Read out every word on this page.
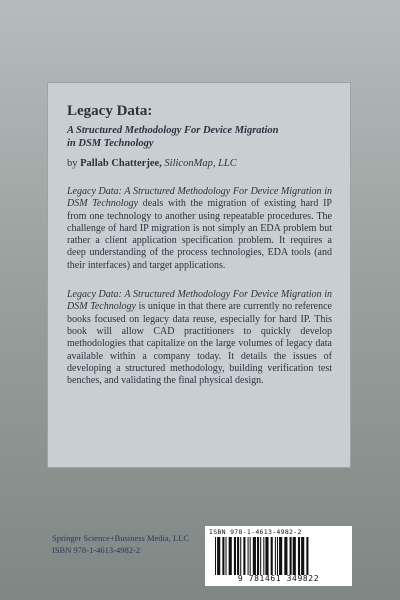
Legacy Data:
A Structured Methodology For Device Migration
in DSM Technology
by Pallab Chatterjee, SiliconMap, LLC
Legacy Data: A Structured Methodology For Device Migration in DSM Technology deals with the migration of existing hard IP from one technology to another using repeatable procedures. The challenge of hard IP migration is not simply an EDA problem but rather a client application specification problem. It requires a deep understanding of the process technologies, EDA tools (and their interfaces) and target applications.
Legacy Data: A Structured Methodology For Device Migration in DSM Technology is unique in that there are currently no reference books focused on legacy data reuse, especially for hard IP. This book will allow CAD practitioners to quickly develop methodologies that capitalize on the large volumes of legacy data available within a company today. It details the issues of developing a structured methodology, building verification test benches, and validating the final physical design.
Springer Science+Business Media, LLC
ISBN 978-1-4613-4982-2
ISBN 978-1-4613-4982-2
9 781461 349822
